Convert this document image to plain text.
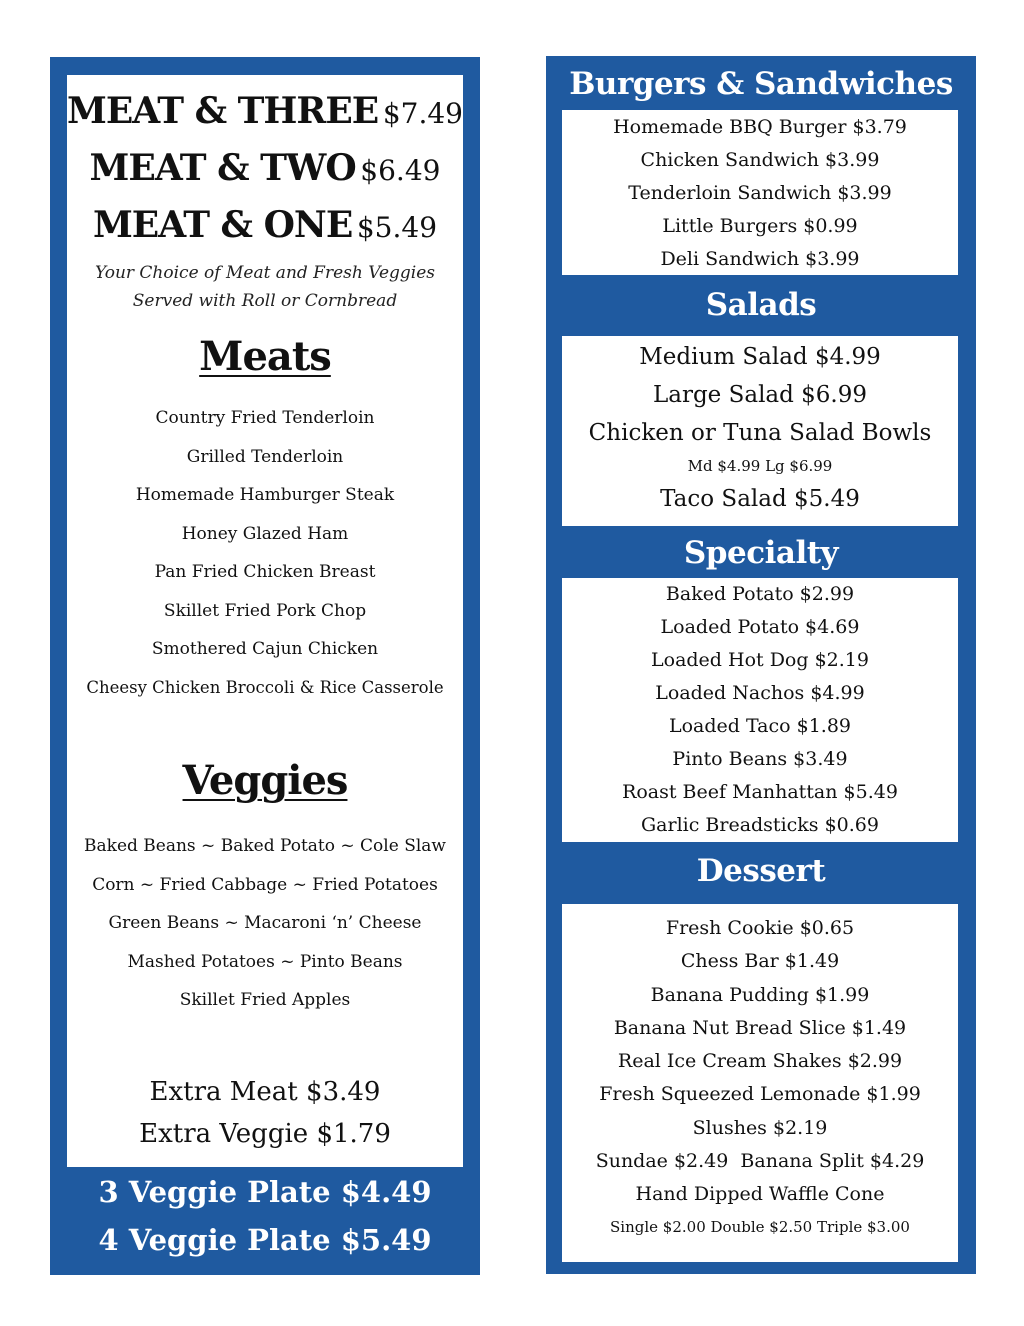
MEAT & THREE $7.49
MEAT & TWO $6.49
MEAT & ONE $5.49
Your Choice of Meat and Fresh Veggies
Served with Roll or Cornbread
Meats
Country Fried Tenderloin
Grilled Tenderloin
Homemade Hamburger Steak
Honey Glazed Ham
Pan Fried Chicken Breast
Skillet Fried Pork Chop
Smothered Cajun Chicken
Cheesy Chicken Broccoli & Rice Casserole
Veggies
Baked Beans ~ Baked Potato ~ Cole Slaw
Corn ~ Fried Cabbage ~ Fried Potatoes
Green Beans ~ Macaroni ‘n’ Cheese
Mashed Potatoes ~ Pinto Beans
Skillet Fried Apples
Extra Meat $3.49
Extra Veggie $1.79
3 Veggie Plate $4.49
4 Veggie Plate $5.49
Burgers & Sandwiches
Homemade BBQ Burger $3.79
Chicken Sandwich $3.99
Tenderloin Sandwich $3.99
Little Burgers $0.99
Deli Sandwich $3.99
Salads
Medium Salad $4.99
Large Salad $6.99
Chicken or Tuna Salad Bowls
Md $4.99 Lg $6.99
Taco Salad $5.49
Specialty
Baked Potato $2.99
Loaded Potato $4.69
Loaded Hot Dog $2.19
Loaded Nachos $4.99
Loaded Taco $1.89
Pinto Beans $3.49
Roast Beef Manhattan $5.49
Garlic Breadsticks $0.69
Dessert
Fresh Cookie $0.65
Chess Bar $1.49
Banana Pudding $1.99
Banana Nut Bread Slice $1.49
Real Ice Cream Shakes $2.99
Fresh Squeezed Lemonade $1.99
Slushes $2.19
Sundae $2.49  Banana Split $4.29
Hand Dipped Waffle Cone
Single $2.00 Double $2.50 Triple $3.00
